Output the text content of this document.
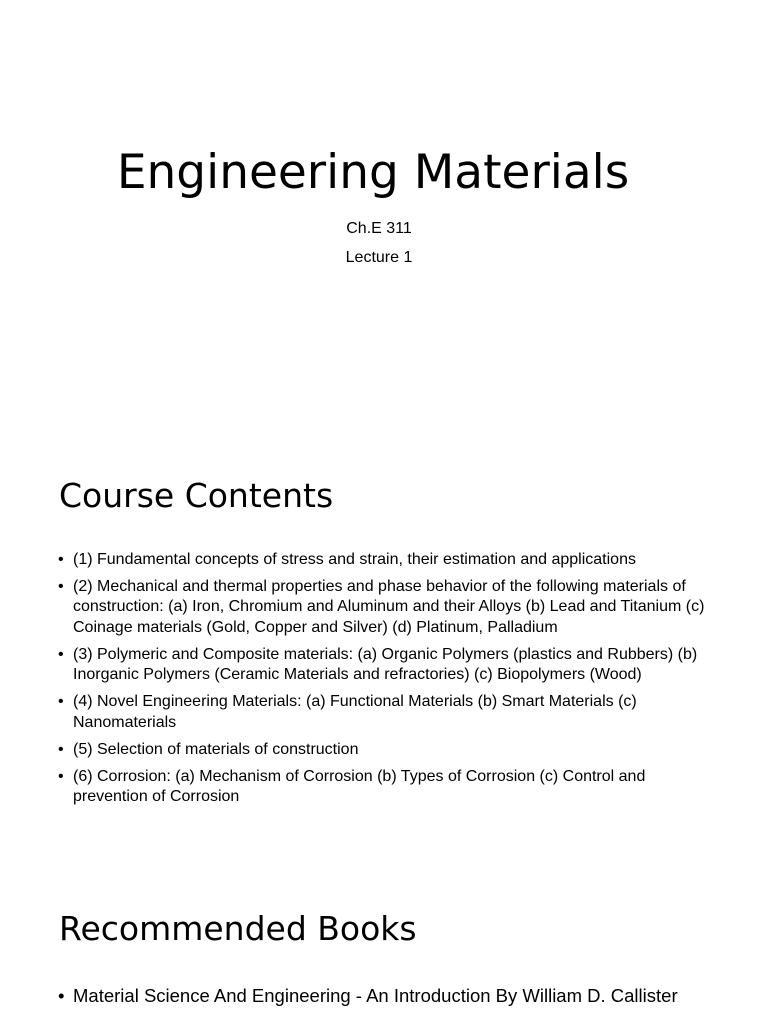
Engineering Materials

Ch.E 311

Lecture 1

Course Contents
• (1) Fundamental concepts of stress and strain, their estimation and applications
• (2) Mechanical and thermal properties and phase behavior of the following materials of construction: (a) Iron, Chromium and Aluminum and their Alloys (b) Lead and Titanium (c) Coinage materials (Gold, Copper and Silver) (d) Platinum, Palladium
• (3) Polymeric and Composite materials: (a) Organic Polymers (plastics and Rubbers) (b) Inorganic Polymers (Ceramic Materials and refractories) (c) Biopolymers (Wood)
• (4) Novel Engineering Materials: (a) Functional Materials (b) Smart Materials (c) Nanomaterials
• (5) Selection of materials of construction
• (6) Corrosion: (a) Mechanism of Corrosion (b) Types of Corrosion (c) Control and prevention of Corrosion
Recommended Books
• Material Science And Engineering - An Introduction By William D. Callister
